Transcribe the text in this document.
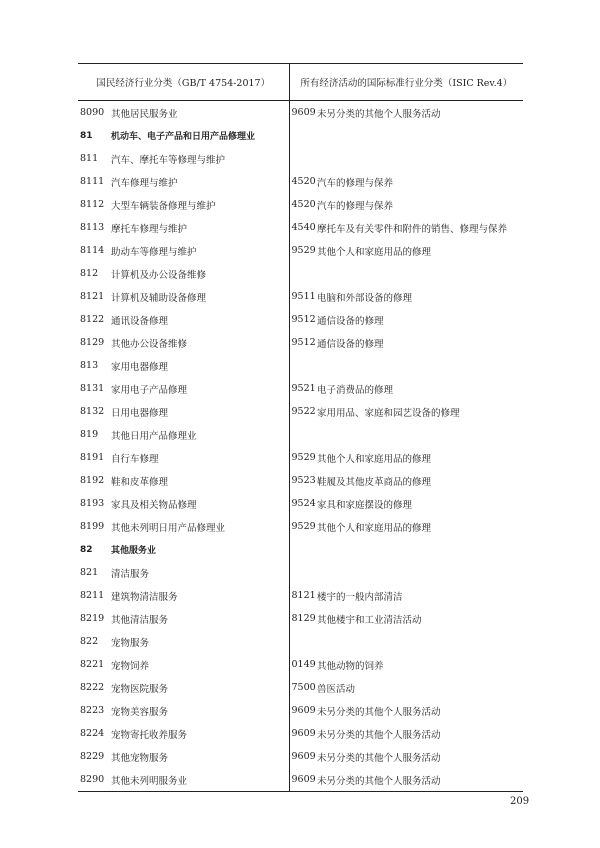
国民经济行业分类（GB/T 4754-2017）		所有经济活动的国际标准行业分类（ISIC Rev.4）	
8090	其他居民服务业	9609	未另分类的其他个人服务活动
81	机动车、电子产品和日用产品修理业		
811	汽车、摩托车等修理与维护		
8111	汽车修理与维护	4520	汽车的修理与保养
8112	大型车辆装备修理与维护	4520	汽车的修理与保养
8113	摩托车修理与维护	4540	摩托车及有关零件和附件的销售、修理与保养
8114	助动车等修理与维护	9529	其他个人和家庭用品的修理
812	计算机及办公设备维修		
8121	计算机及辅助设备修理	9511	电脑和外部设备的修理
8122	通讯设备修理	9512	通信设备的修理
8129	其他办公设备维修	9512	通信设备的修理
813	家用电器修理		
8131	家用电子产品修理	9521	电子消费品的修理
8132	日用电器修理	9522	家用用品、家庭和园艺设备的修理
819	其他日用产品修理业		
8191	自行车修理	9529	其他个人和家庭用品的修理
8192	鞋和皮革修理	9523	鞋履及其他皮革商品的修理
8193	家具及相关物品修理	9524	家具和家庭摆设的修理
8199	其他未列明日用产品修理业	9529	其他个人和家庭用品的修理
82	其他服务业		
821	清洁服务		
8211	建筑物清洁服务	8121	楼宇的一般内部清洁
8219	其他清洁服务	8129	其他楼宇和工业清洁活动
822	宠物服务		
8221	宠物饲养	0149	其他动物的饲养
8222	宠物医院服务	7500	兽医活动
8223	宠物美容服务	9609	未另分类的其他个人服务活动
8224	宠物寄托收养服务	9609	未另分类的其他个人服务活动
8229	其他宠物服务	9609	未另分类的其他个人服务活动
8290	其他未列明服务业	9609	未另分类的其他个人服务活动
209
